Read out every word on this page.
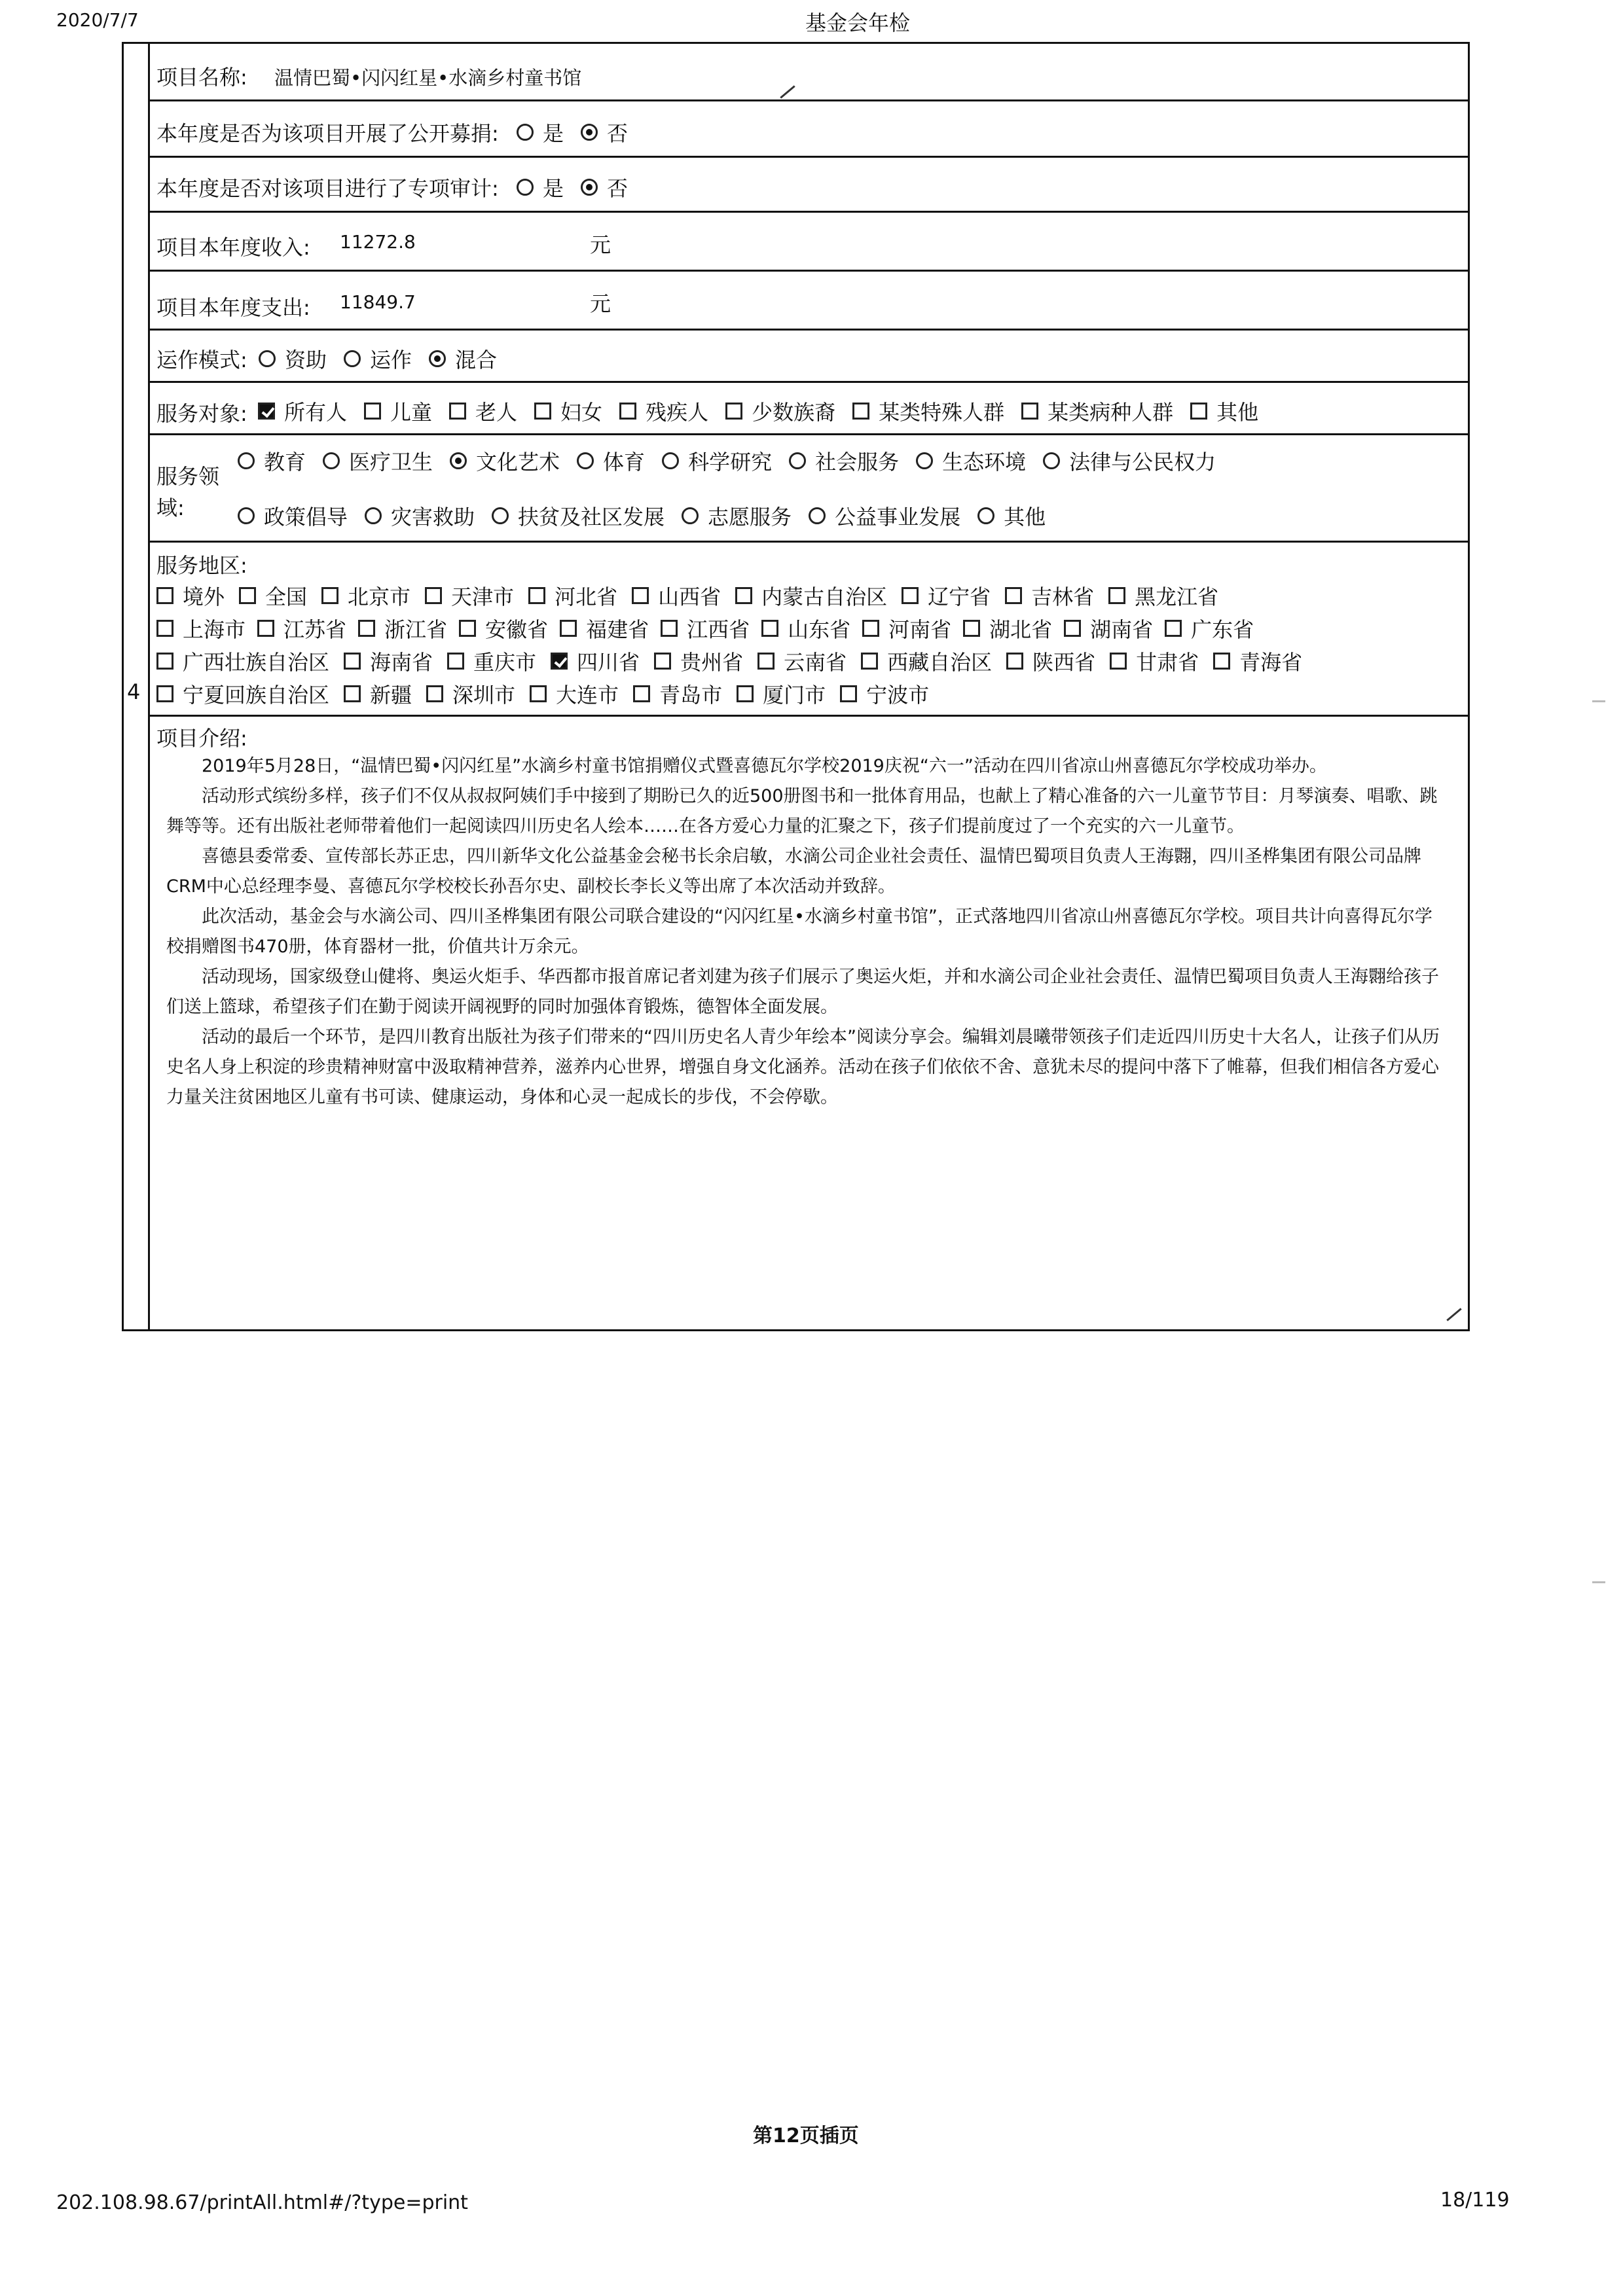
2020/7/7	基金会年检
4
项目名称: 温情巴蜀•闪闪红星•水滴乡村童书馆
本年度是否为该项目开展了公开募捐: 是 否
本年度是否对该项目进行了专项审计: 是 否
项目本年度收入: 11272.8	元
项目本年度支出: 11849.7	元
运作模式: 资助 运作 混合
服务对象: 所有人 儿童 老人 妇女 残疾人 少数族裔 某类特殊人群 某类病种人群 其他
服务领
域:
教育 医疗卫生 文化艺术 体育 科学研究 社会服务 生态环境 法律与公民权力
政策倡导 灾害救助 扶贫及社区发展 志愿服务 公益事业发展 其他
服务地区:
境外 全国 北京市 天津市 河北省 山西省 内蒙古自治区 辽宁省 吉林省 黑龙江省
上海市 江苏省 浙江省 安徽省 福建省 江西省 山东省 河南省 湖北省 湖南省 广东省
广西壮族自治区 海南省 重庆市 四川省 贵州省 云南省 西藏自治区 陕西省 甘肃省 青海省
宁夏回族自治区 新疆 深圳市 大连市 青岛市 厦门市 宁波市
项目介绍:

2019年5月28日，“温情巴蜀•闪闪红星”水滴乡村童书馆捐赠仪式暨喜德瓦尔学校2019庆祝“六一”活动在四川省凉山州喜德瓦尔学校成功举办。

活动形式缤纷多样，孩子们不仅从叔叔阿姨们手中接到了期盼已久的近500册图书和一批体育用品，也献上了精心准备的六一儿童节节目：月琴演奏、唱歌、跳舞等等。还有出版社老师带着他们一起阅读四川历史名人绘本……在各方爱心力量的汇聚之下，孩子们提前度过了一个充实的六一儿童节。

喜德县委常委、宣传部长苏正忠，四川新华文化公益基金会秘书长余启敏，水滴公司企业社会责任、温情巴蜀项目负责人王海翾，四川圣桦集团有限公司品牌CRM中心总经理李曼、喜德瓦尔学校校长孙吾尔史、副校长李长义等出席了本次活动并致辞。

此次活动，基金会与水滴公司、四川圣桦集团有限公司联合建设的“闪闪红星•水滴乡村童书馆”，正式落地四川省凉山州喜德瓦尔学校。项目共计向喜得瓦尔学校捐赠图书470册，体育器材一批，价值共计万余元。

活动现场，国家级登山健将、奥运火炬手、华西都市报首席记者刘建为孩子们展示了奥运火炬，并和水滴公司企业社会责任、温情巴蜀项目负责人王海翾给孩子们送上篮球，希望孩子们在勤于阅读开阔视野的同时加强体育锻炼，德智体全面发展。

活动的最后一个环节，是四川教育出版社为孩子们带来的“四川历史名人青少年绘本”阅读分享会。编辑刘晨曦带领孩子们走近四川历史十大名人，让孩子们从历史名人身上积淀的珍贵精神财富中汲取精神营养，滋养内心世界，增强自身文化涵养。活动在孩子们依依不舍、意犹未尽的提问中落下了帷幕，但我们相信各方爱心力量关注贫困地区儿童有书可读、健康运动，身体和心灵一起成长的步伐，不会停歇。

第12页插页
202.108.98.67/printAll.html#/?type=print	18/119
